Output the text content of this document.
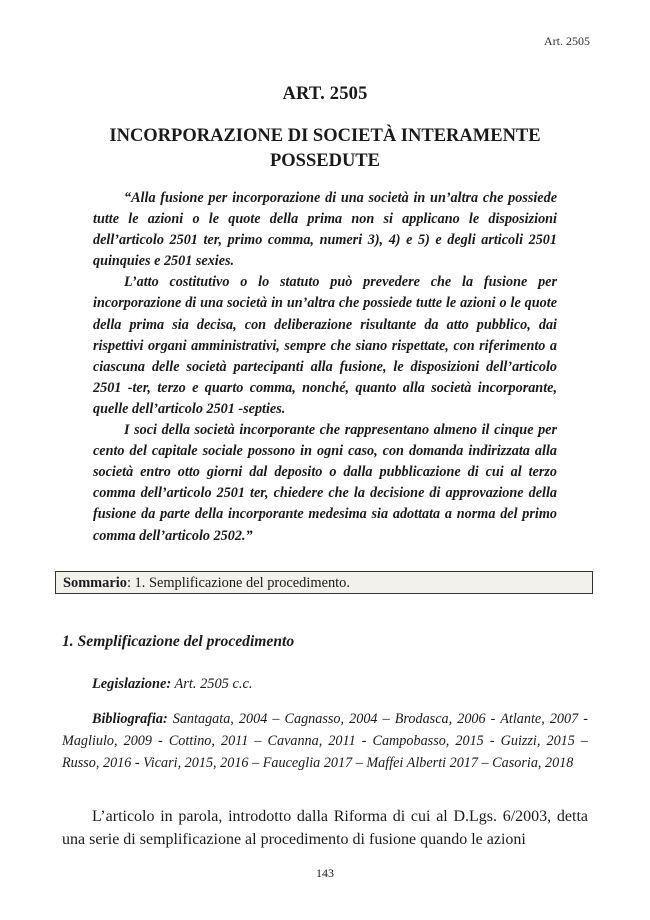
Art. 2505
ART. 2505
INCORPORAZIONE DI SOCIETÀ INTERAMENTE POSSEDUTE

“Alla fusione per incorporazione di una società in un’altra che possiede tutte le azioni o le quote della prima non si applicano le disposizioni dell’articolo 2501 ter, primo comma, numeri 3), 4) e 5) e degli articoli 2501 quinquies e 2501 sexies.

L’atto costitutivo o lo statuto può prevedere che la fusione per incorporazione di una società in un’altra che possiede tutte le azioni o le quote della prima sia decisa, con deliberazione risultante da atto pubblico, dai rispettivi organi amministrativi, sempre che siano rispettate, con riferimento a ciascuna delle società partecipanti alla fusione, le disposizioni dell’articolo 2501 -ter, terzo e quarto comma, nonché, quanto alla società incorporante, quelle dell’articolo 2501 -septies.

I soci della società incorporante che rappresentano almeno il cinque per cento del capitale sociale possono in ogni caso, con domanda indirizzata alla società entro otto giorni dal deposito o dalla pubblicazione di cui al terzo comma dell’articolo 2501 ter, chiedere che la decisione di approvazione della fusione da parte della incorporante medesima sia adottata a norma del primo comma dell’articolo 2502.”

Sommario: 1. Semplificazione del procedimento.
1. Semplificazione del procedimento
Legislazione: Art. 2505 c.c.

Bibliografia: Santagata, 2004 – Cagnasso, 2004 – Brodasca, 2006 - Atlante, 2007 - Magliulo, 2009 - Cottino, 2011 – Cavanna, 2011 - Campobasso, 2015 - Guizzi, 2015 – Russo, 2016 - Vicari, 2015, 2016 – Fauceglia 2017 – Maffei Alberti 2017 – Casoria, 2018

L’articolo in parola, introdotto dalla Riforma di cui al D.Lgs. 6/2003, detta una serie di semplificazione al procedimento di fusione quando le azioni

143
